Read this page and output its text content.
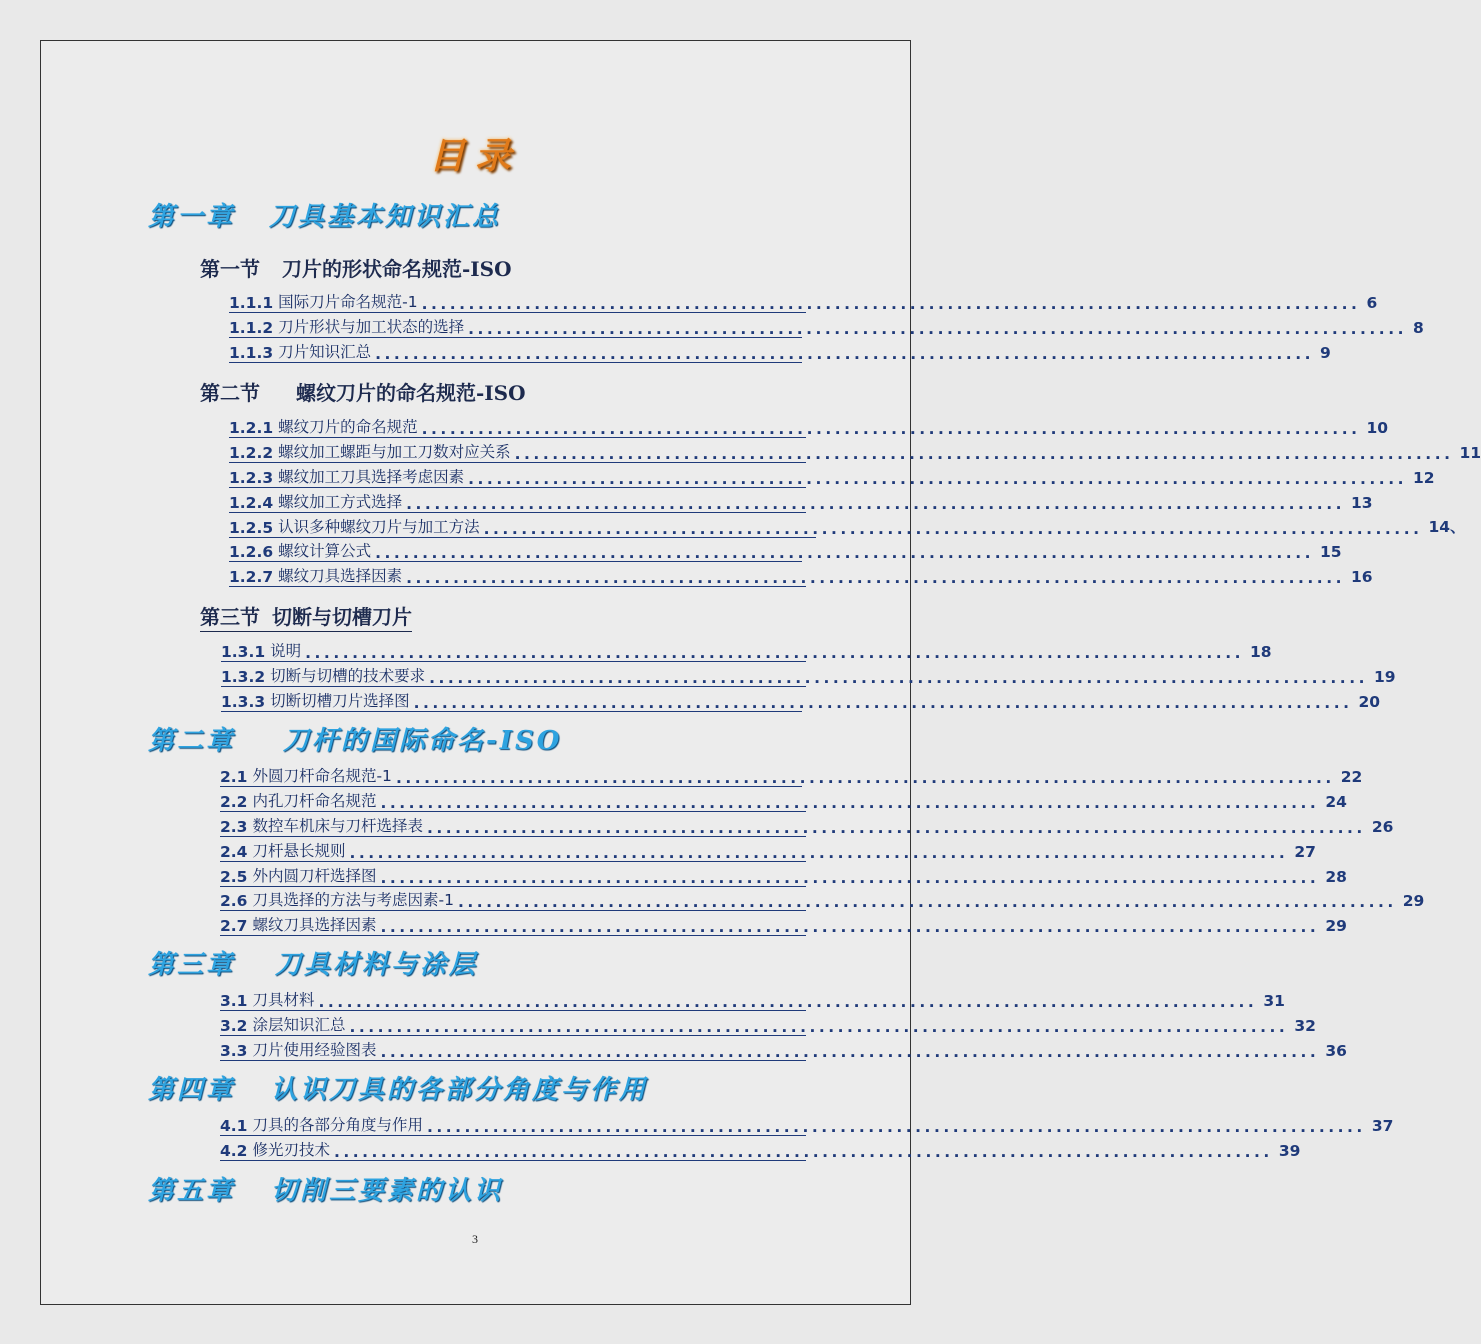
目录
第一章 刀具基本知识汇总
第一节 刀片的形状命名规范-ISO
1.1.1 国际刀片命名规范-1 .................................................................................................... 6
1.1.2 刀片形状与加工状态的选择 .................................................................................................... 8
1.1.3 刀片知识汇总 .................................................................................................... 9
第二节 螺纹刀片的命名规范-ISO
1.2.1 螺纹刀片的命名规范 .................................................................................................... 10
1.2.2 螺纹加工螺距与加工刀数对应关系 .................................................................................................... 11
1.2.3 螺纹加工刀具选择考虑因素 .................................................................................................... 12
1.2.4 螺纹加工方式选择 .................................................................................................... 13
1.2.5 认识多种螺纹刀片与加工方法 .................................................................................................... 14、
1.2.6 螺纹计算公式 .................................................................................................... 15
1.2.7 螺纹刀具选择因素 .................................................................................................... 16
第三节 切断与切槽刀片
1.3.1 说明 .................................................................................................... 18
1.3.2 切断与切槽的技术要求 .................................................................................................... 19
1.3.3 切断切槽刀片选择图 .................................................................................................... 20
第二章 刀杆的国际命名-ISO
2.1 外圆刀杆命名规范-1 .................................................................................................... 22
2.2 内孔刀杆命名规范 .................................................................................................... 24
2.3 数控车机床与刀杆选择表 .................................................................................................... 26
2.4 刀杆悬长规则 .................................................................................................... 27
2.5 外内圆刀杆选择图 .................................................................................................... 28
2.6 刀具选择的方法与考虑因素-1 .................................................................................................... 29
2.7 螺纹刀具选择因素 .................................................................................................... 29
第三章 刀具材料与涂层
3.1 刀具材料 .................................................................................................... 31
3.2 涂层知识汇总 .................................................................................................... 32
3.3 刀片使用经验图表 .................................................................................................... 36
第四章 认识刀具的各部分角度与作用
4.1 刀具的各部分角度与作用 .................................................................................................... 37
4.2 修光刃技术 .................................................................................................... 39
第五章 切削三要素的认识
3
